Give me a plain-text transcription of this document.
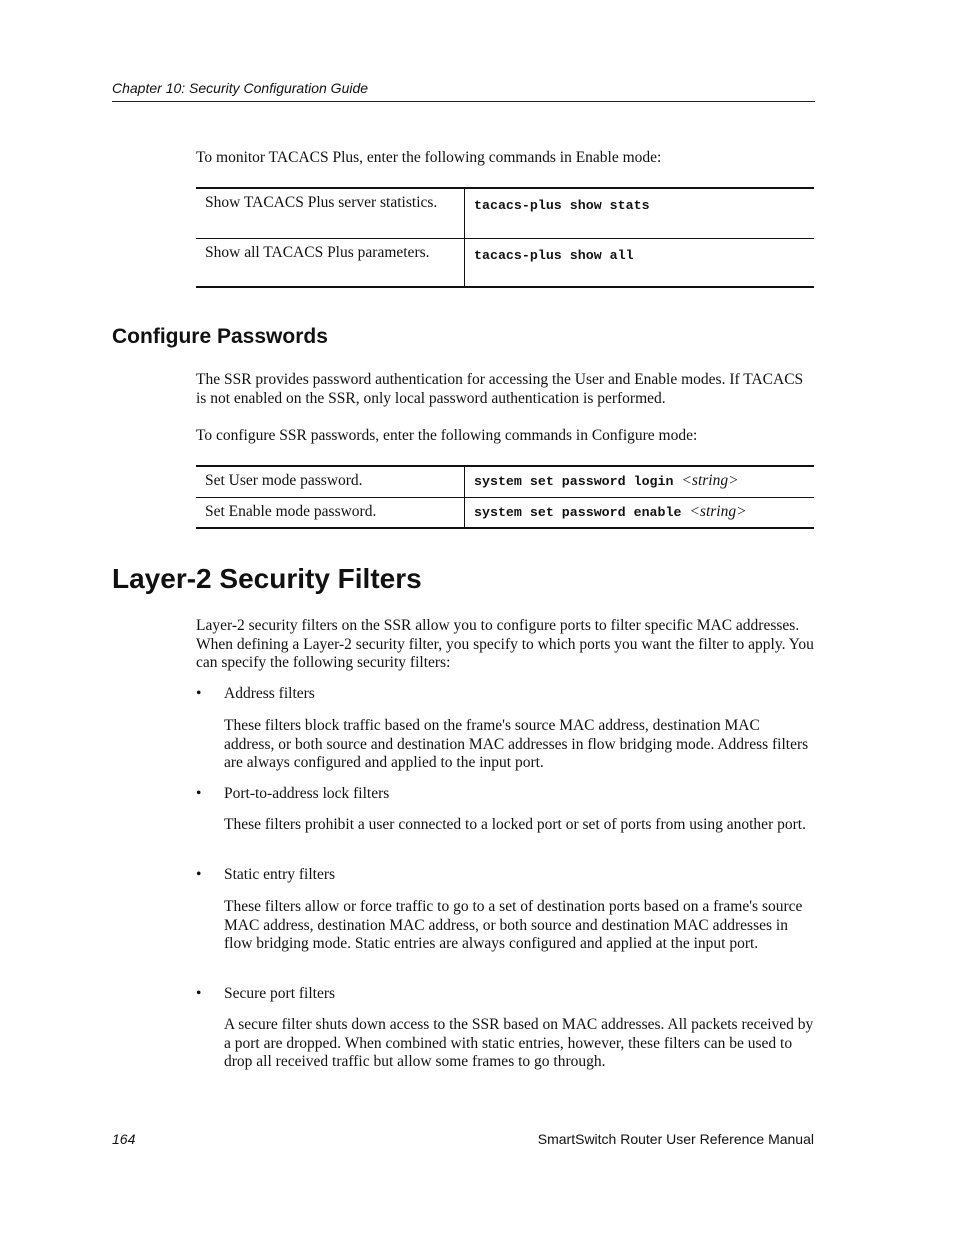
Chapter 10: Security Configuration Guide

To monitor TACACS Plus, enter the following commands in Enable mode:

Show TACACS Plus server statistics.	tacacs-plus show stats
Show all TACACS Plus parameters.	tacacs-plus show all
Configure Passwords

The SSR provides password authentication for accessing the User and Enable modes. If TACACS is not enabled on the SSR, only local password authentication is performed.

To configure SSR passwords, enter the following commands in Configure mode:

Set User mode password.	system set password login <string>
Set Enable mode password.	system set password enable <string>
Layer-2 Security Filters

Layer-2 security filters on the SSR allow you to configure ports to filter specific MAC addresses. When defining a Layer-2 security filter, you specify to which ports you want the filter to apply. You can specify the following security filters:

• Address filters

These filters block traffic based on the frame's source MAC address, destination MAC address, or both source and destination MAC addresses in flow bridging mode. Address filters are always configured and applied to the input port.

• Port-to-address lock filters

These filters prohibit a user connected to a locked port or set of ports from using another port.

• Static entry filters

These filters allow or force traffic to go to a set of destination ports based on a frame's source MAC address, destination MAC address, or both source and destination MAC addresses in flow bridging mode. Static entries are always configured and applied at the input port.

• Secure port filters

A secure filter shuts down access to the SSR based on MAC addresses. All packets received by a port are dropped. When combined with static entries, however, these filters can be used to drop all received traffic but allow some frames to go through.

164	SmartSwitch Router User Reference Manual
